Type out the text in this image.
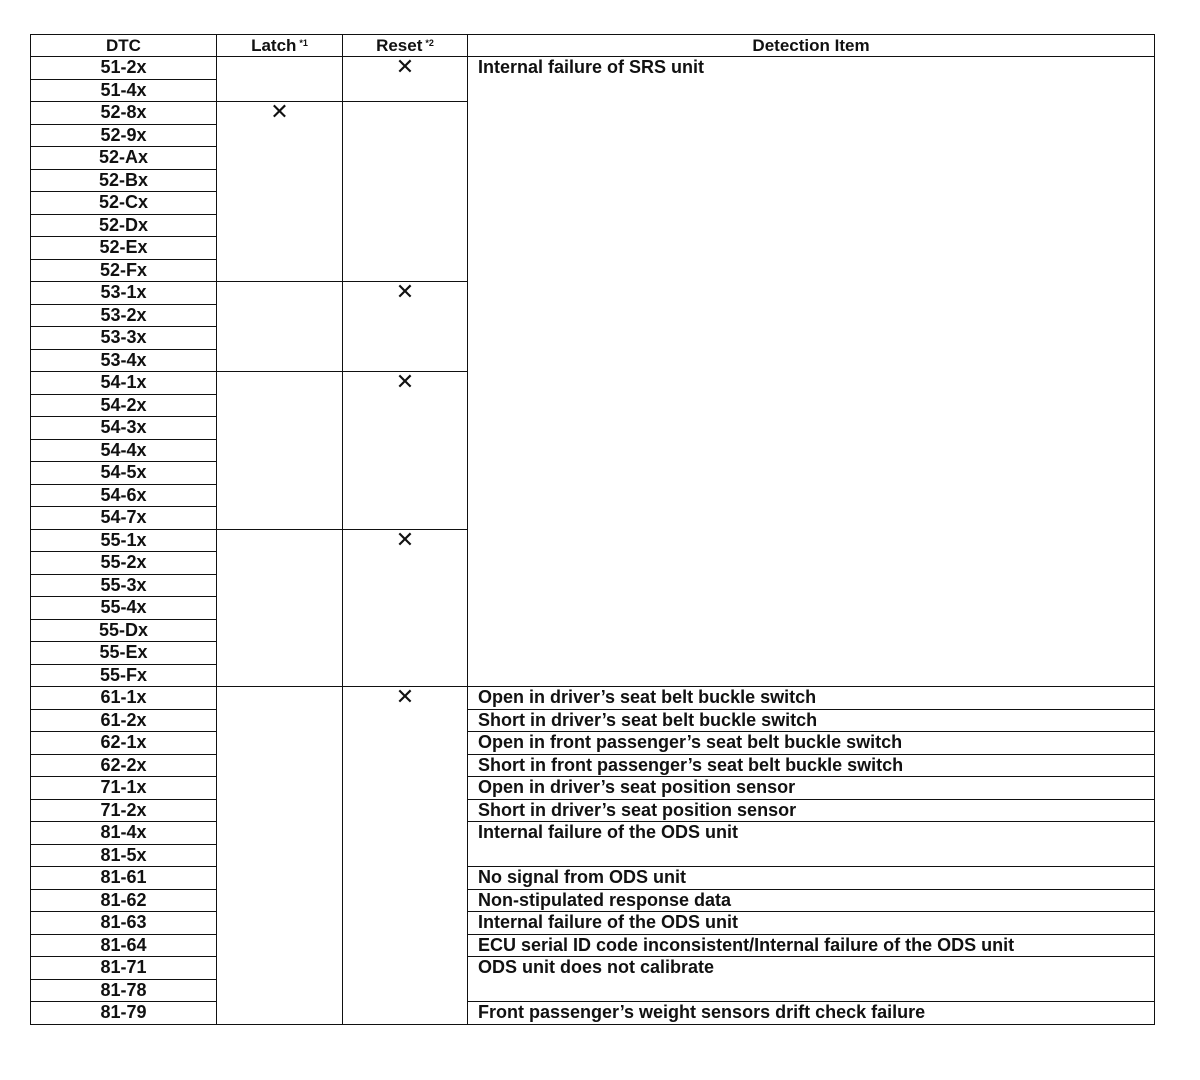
DTC	Latch $^{*1}$	Reset $^{*2}$	Detection Item
51-2x		✕	Internal failure of SRS unit
51-4x			
52-8x	✕		
52-9x			
52-Ax			
52-Bx			
52-Cx			
52-Dx			
52-Ex			
52-Fx			
53-1x		✕	
53-2x			
53-3x			
53-4x			
54-1x		✕	
54-2x			
54-3x			
54-4x			
54-5x			
54-6x			
54-7x			
55-1x		✕	
55-2x			
55-3x			
55-4x			
55-Dx			
55-Ex			
55-Fx			
61-1x		✕	Open in driver’s seat belt buckle switch
61-2x			Short in driver’s seat belt buckle switch
62-1x			Open in front passenger’s seat belt buckle switch
62-2x			Short in front passenger’s seat belt buckle switch
71-1x			Open in driver’s seat position sensor
71-2x			Short in driver’s seat position sensor
81-4x			Internal failure of the ODS unit
81-5x			
81-61			No signal from ODS unit
81-62			Non-stipulated response data
81-63			Internal failure of the ODS unit
81-64			ECU serial ID code inconsistent/Internal failure of the ODS unit
81-71			ODS unit does not calibrate
81-78			
81-79			Front passenger’s weight sensors drift check failure
